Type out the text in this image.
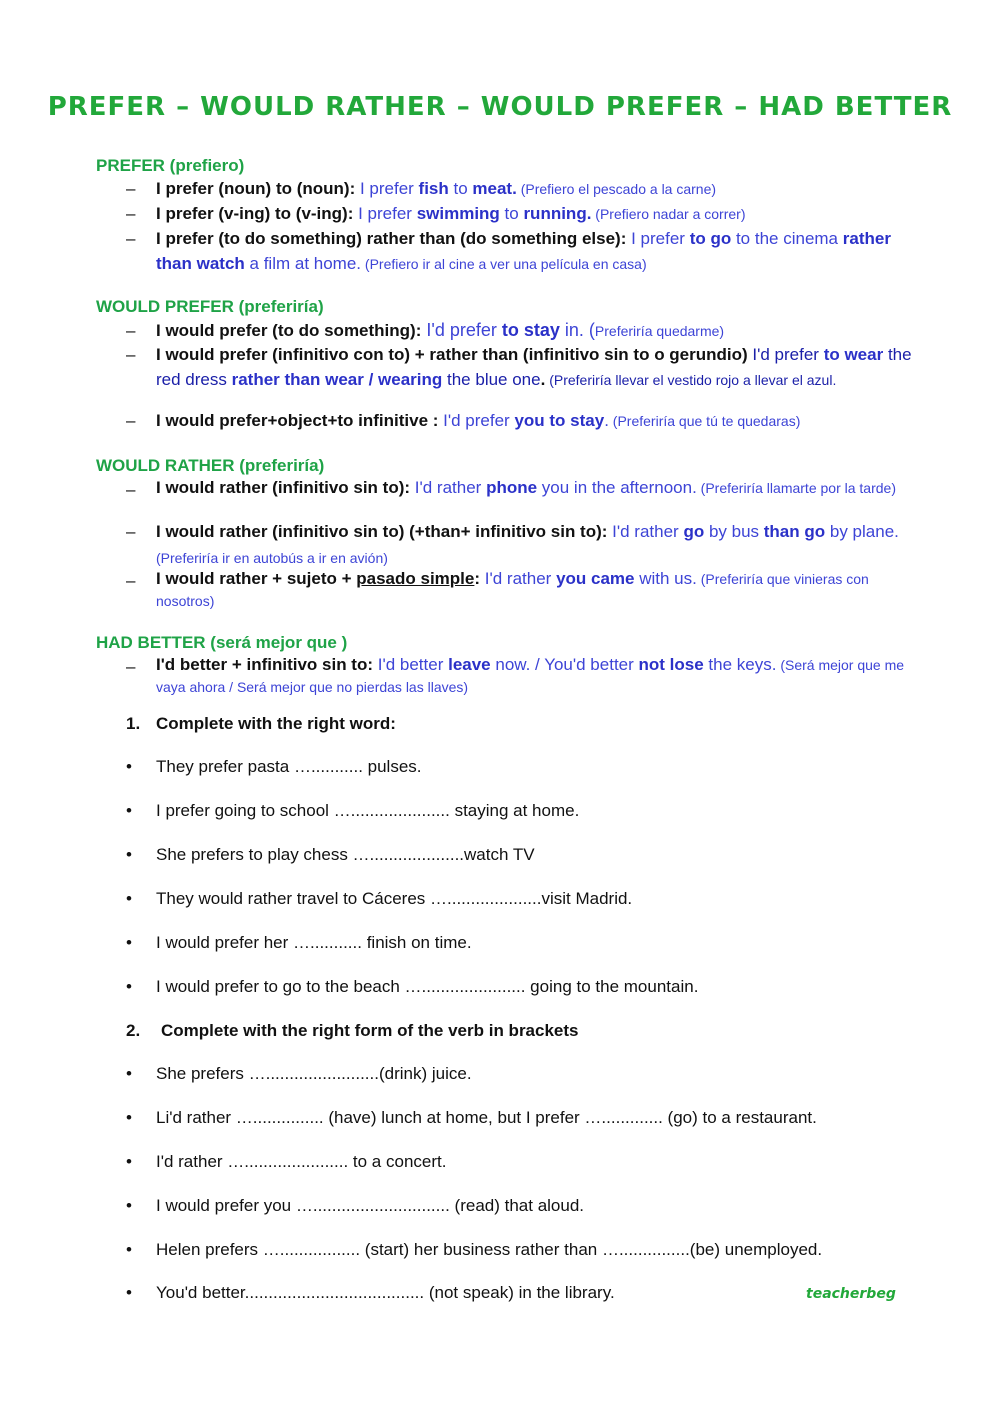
PREFER – WOULD RATHER – WOULD PREFER – HAD BETTER
PREFER (prefiero)
– I prefer (noun) to (noun): I prefer fish to meat. (Prefiero el pescado a la carne)
– I prefer (v-ing) to (v-ing): I prefer swimming to running. (Prefiero nadar a correr)
– I prefer (to do something) rather than (do something else): I prefer to go to the cinema rather than watch a film at home. (Prefiero ir al cine a ver una película en casa)
WOULD PREFER (preferiría)
– I would prefer (to do something): I'd prefer to stay in. (Preferiría quedarme)
– I would prefer (infinitivo con to) + rather than (infinitivo sin to o gerundio) I'd prefer to wear the red dress rather than wear / wearing the blue one. (Preferiría llevar el vestido rojo a llevar el azul.
– I would prefer+object+to infinitive : I'd prefer you to stay. (Preferiría que tú te quedaras)
WOULD RATHER (preferiría)
– I would rather (infinitivo sin to): I'd rather phone you in the afternoon. (Preferiría llamarte por la tarde)
– I would rather (infinitivo sin to) (+than+ infinitivo sin to): I'd rather go by bus than go by plane. (Preferiría ir en autobús a ir en avión)
– I would rather + sujeto + pasado simple: I'd rather you came with us. (Preferiría que vinieras con nosotros)
HAD BETTER (será mejor que )
– I'd better + infinitivo sin to: I'd better leave now. / You'd better not lose the keys. (Será mejor que me vaya ahora / Será mejor que no pierdas las llaves)
1. Complete with the right word:
• They prefer pasta …........... pulses.
• I prefer going to school …..................... staying at home.
• She prefers to play chess …....................watch TV
• They would rather travel to Cáceres …....................visit Madrid.
• I would prefer her …........... finish on time.
• I would prefer to go to the beach …...................... going to the mountain.
2. Complete with the right form of the verb in brackets
• She prefers …........................(drink) juice.
• Li'd rather …............... (have) lunch at home, but I prefer …............. (go) to a restaurant.
• I'd rather …...................... to a concert.
• I would prefer you …............................. (read) that aloud.
• Helen prefers …................. (start) her business rather than …...............(be) unemployed.
• You'd better...................................... (not speak) in the library.	teacherbeg
